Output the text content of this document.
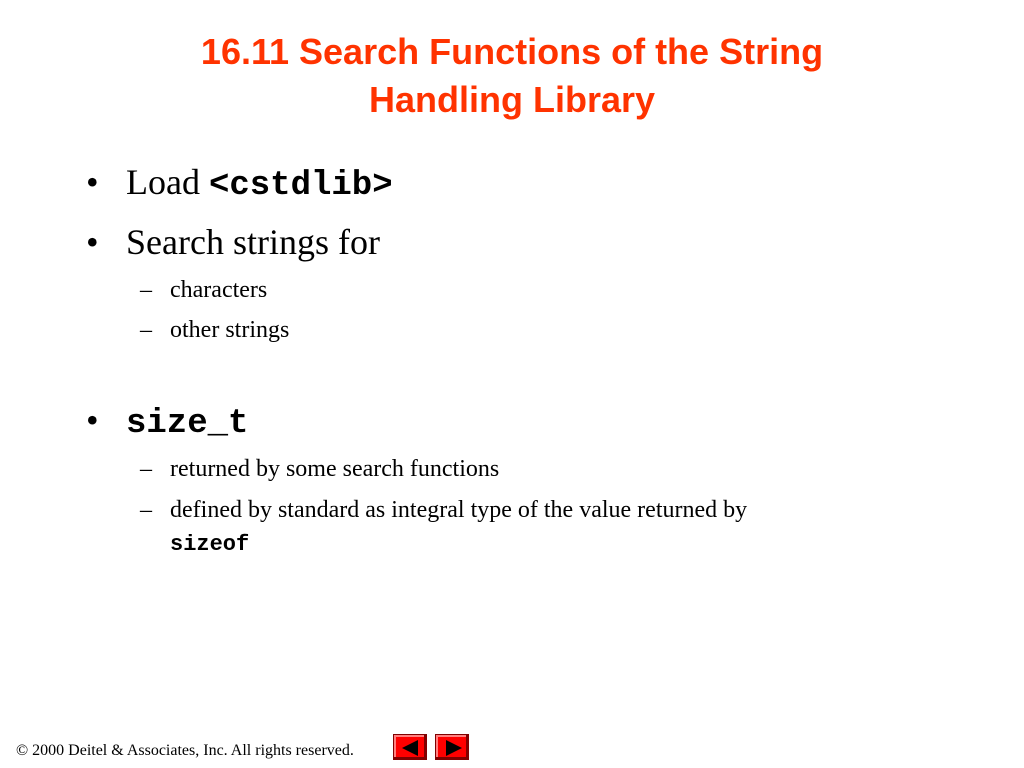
16.11 Search Functions of the String
Handling Library
• Load <cstdlib>
• Search strings for
– characters
– other strings
• size_t
– returned by some search functions
– defined by standard as integral type of the value returned by
sizeof
© 2000 Deitel & Associates, Inc. All rights reserved.
